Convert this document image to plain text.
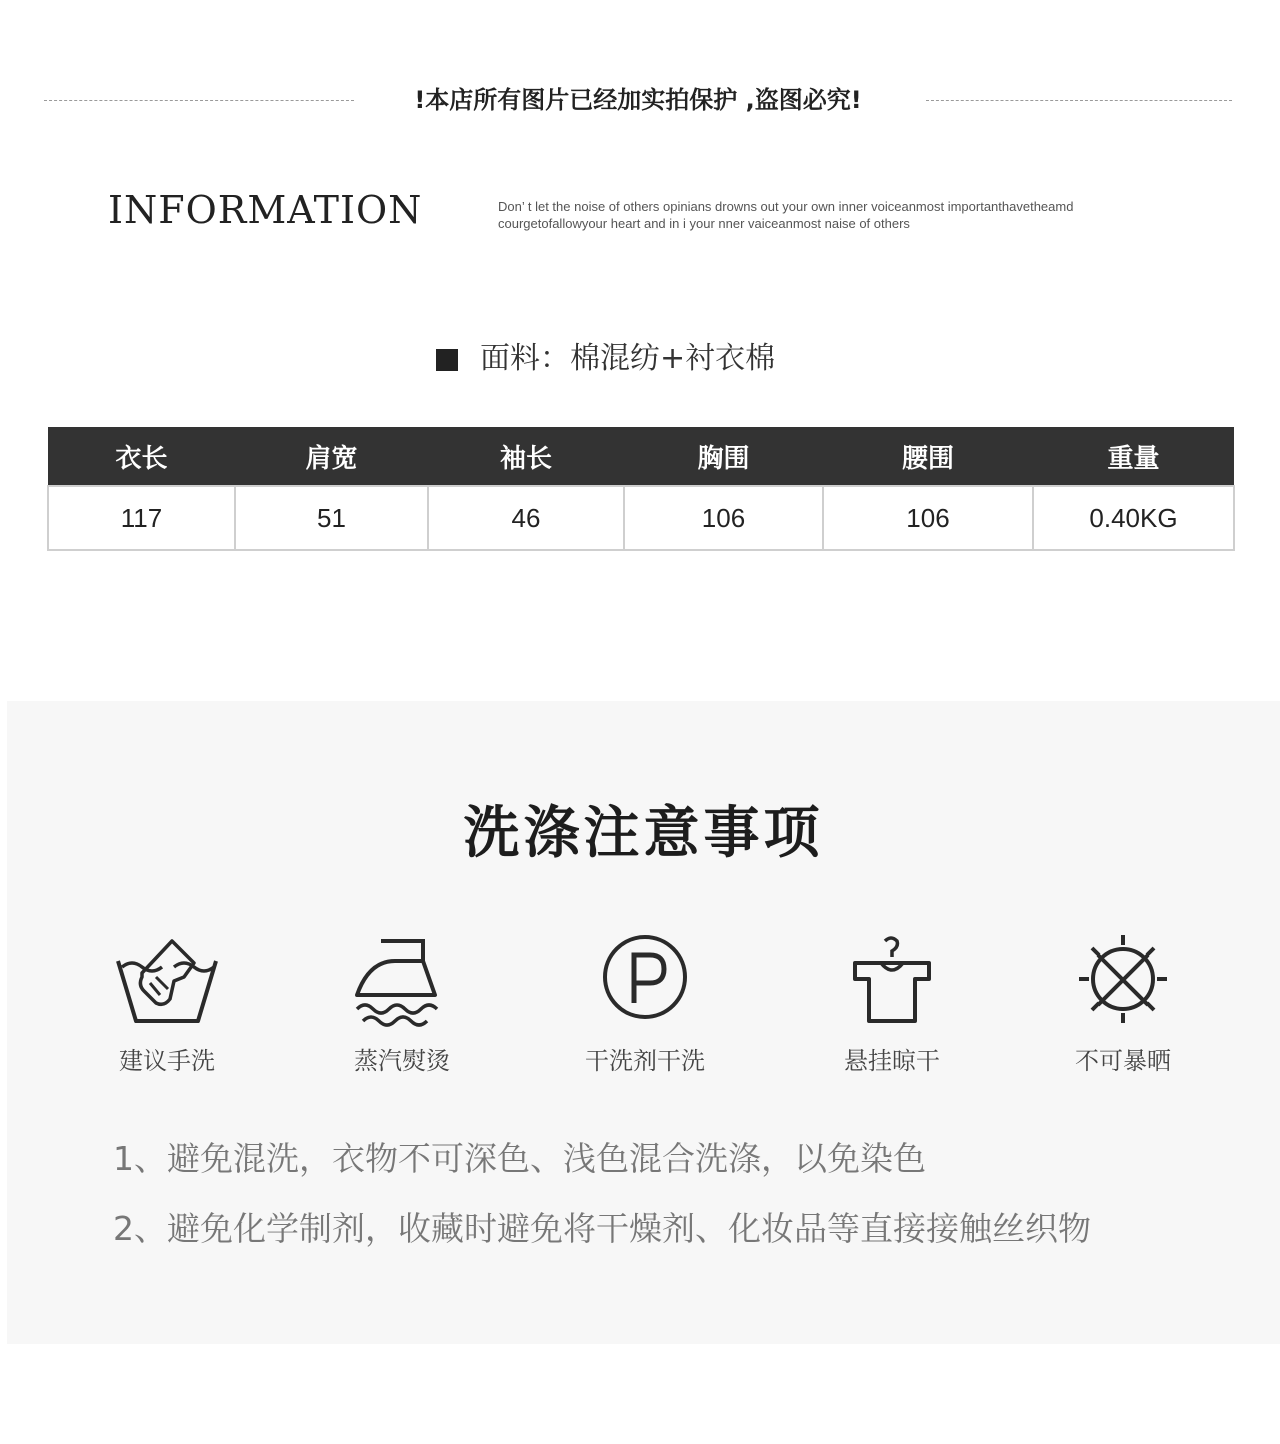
!本店所有图片已经加实拍保护 ,盗图必究!
INFORMATION	Don’ t let the noise of others opinians drowns out your own inner voiceanmost importanthavetheamd
courgetofallowyour heart and in i your nner vaiceanmost naise of others
面料：棉混纺+衬衣棉
衣长	肩宽	袖长	胸围	腰围	重量
117	51	46	106	106	0.40KG
洗涤注意事项
建议手洗	蒸汽熨烫	干洗剂干洗	悬挂晾干	不可暴晒
1、避免混洗，衣物不可深色、浅色混合洗涤，以免染色
2、避免化学制剂，收藏时避免将干燥剂、化妆品等直接接触丝织物
